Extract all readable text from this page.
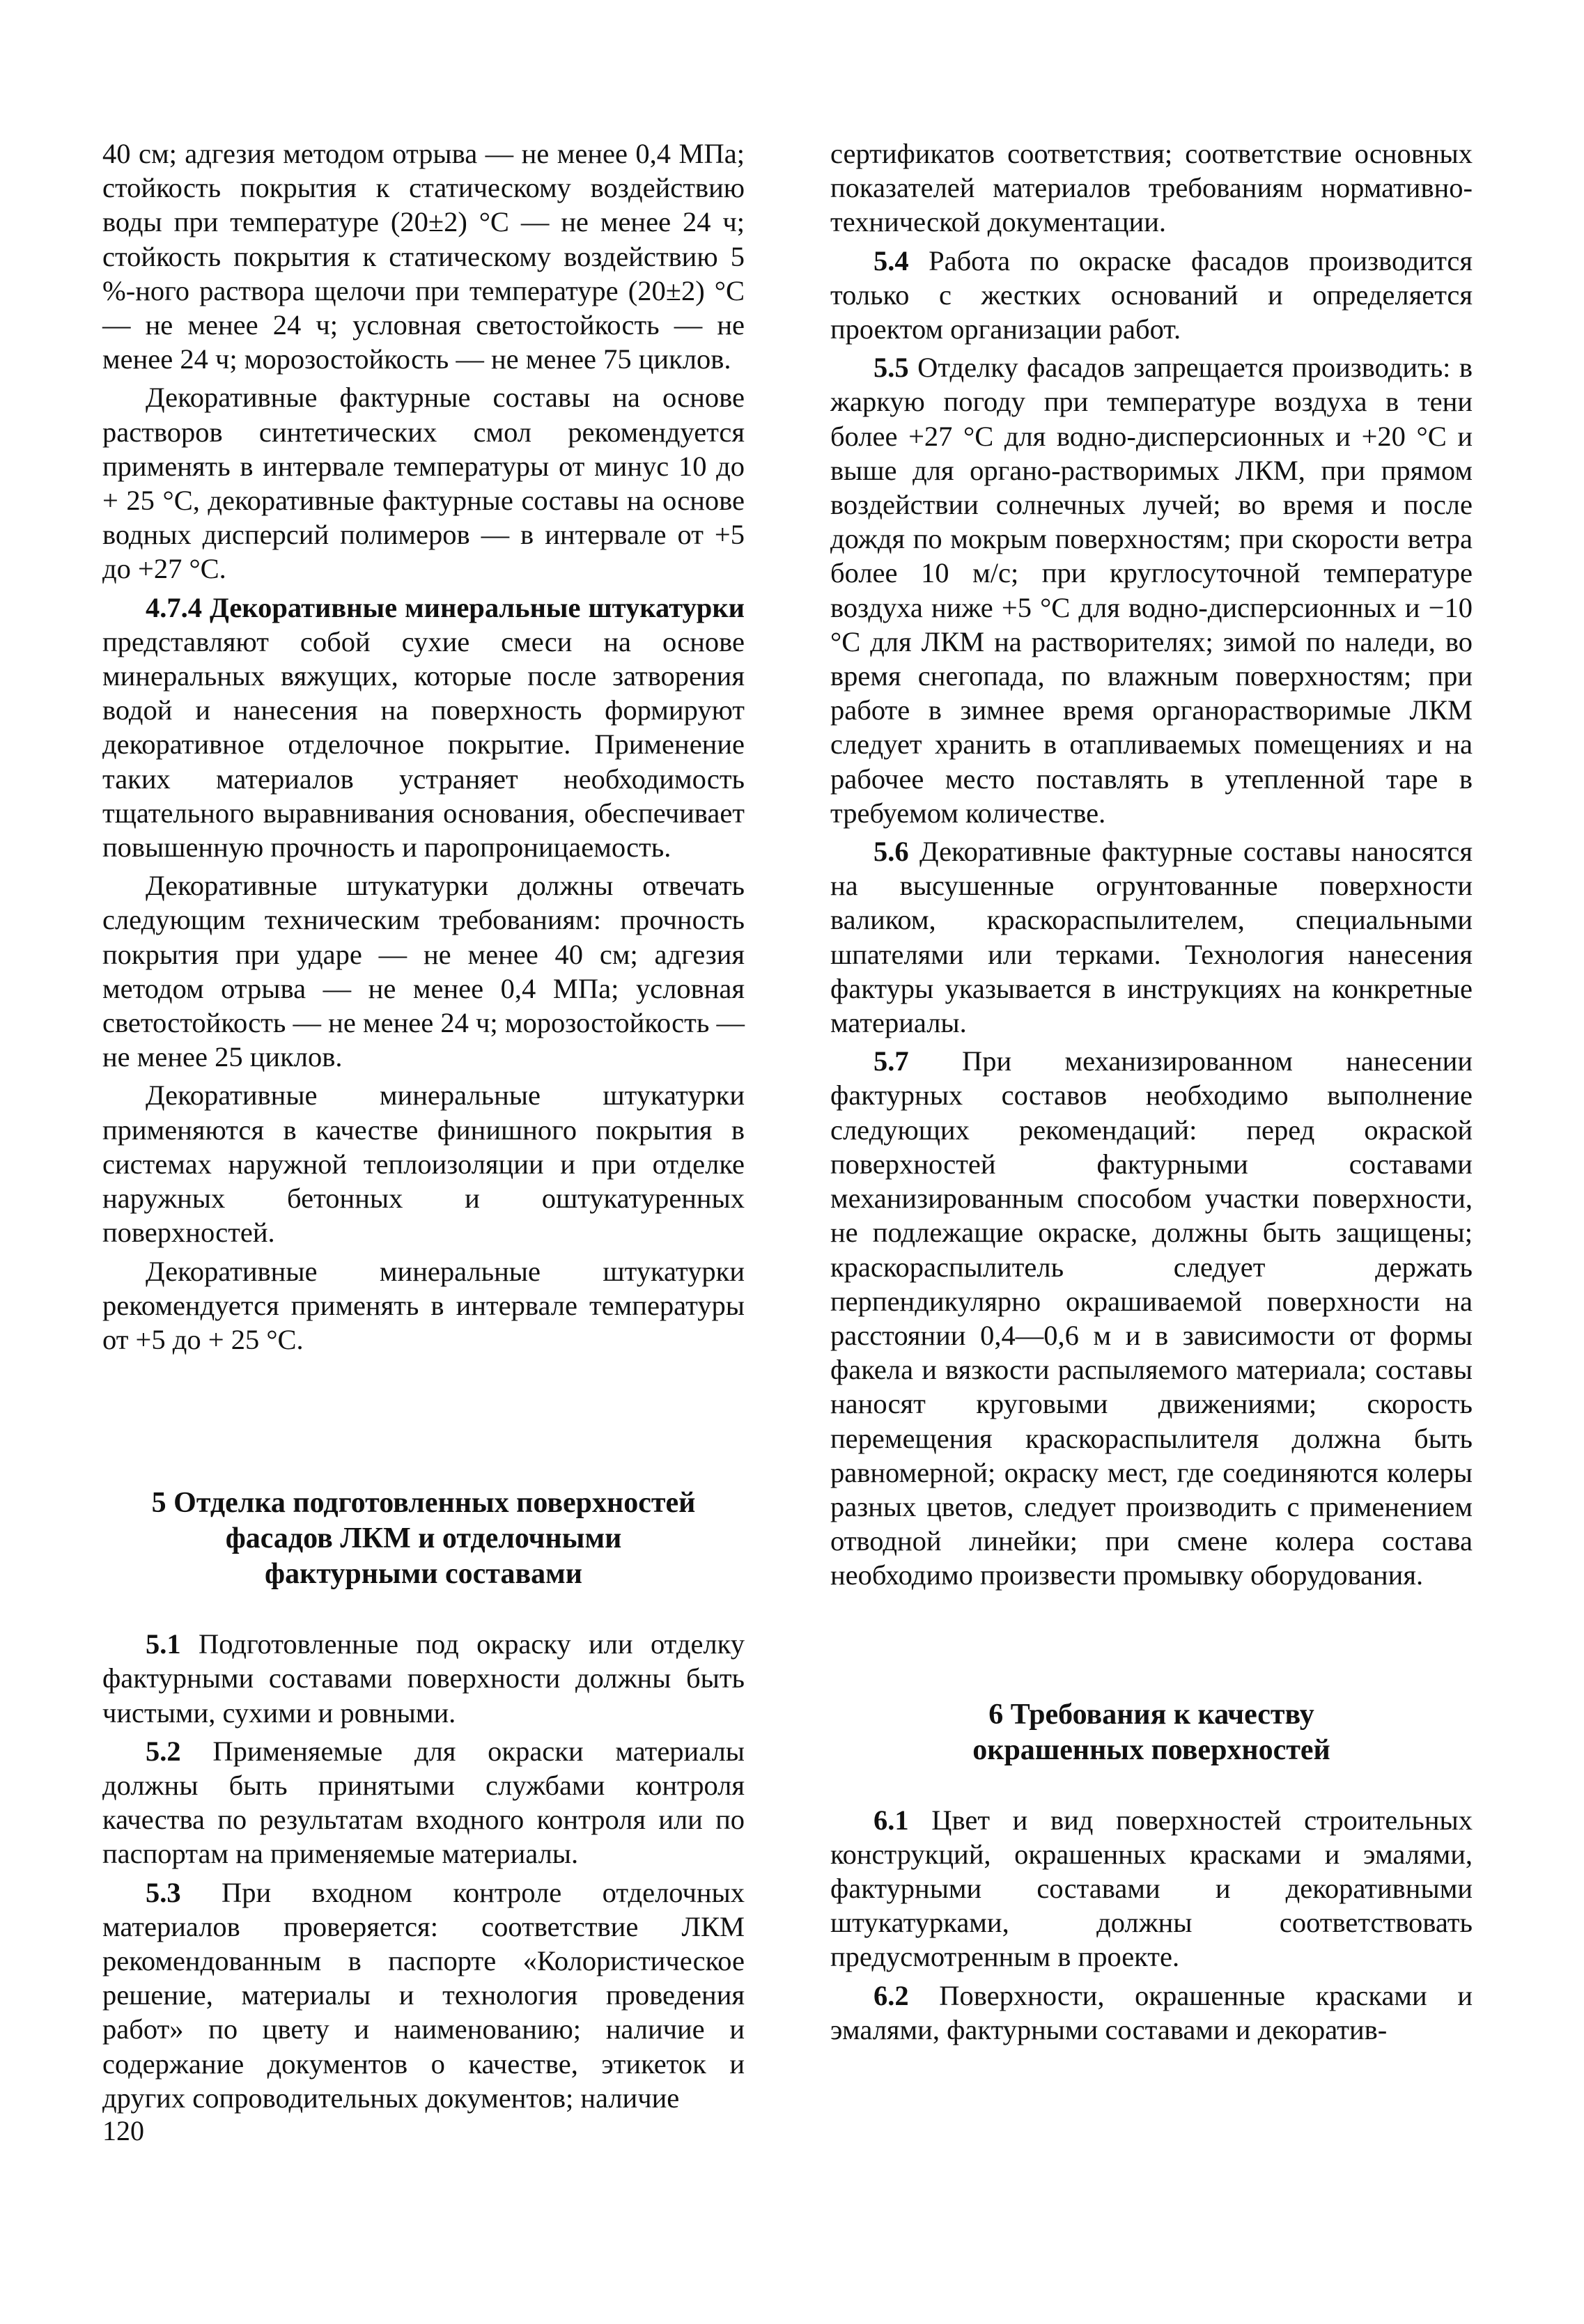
40 см; адгезия методом отрыва — не менее 0,4 МПа; стойкость покрытия к статическому воздействию воды при температуре (20±2) °С — не менее 24 ч; стойкость покрытия к статическому воздействию 5 %-ного раствора щелочи при температуре (20±2) °С — не менее 24 ч; условная светостойкость — не менее 24 ч; морозостойкость — не менее 75 циклов.

Декоративные фактурные составы на основе растворов синтетических смол рекомендуется применять в интервале температуры от минус 10 до + 25 °С, декоративные фактурные составы на основе водных дисперсий полимеров — в интервале от +5 до +27 °С.

4.7.4 Декоративные минеральные штукатурки представляют собой сухие смеси на основе минеральных вяжущих, которые после затворения водой и нанесения на поверхность формируют декоративное отделочное покрытие. Применение таких материалов устраняет необходимость тщательного выравнивания основания, обеспечивает повышенную прочность и паропроницаемость.

Декоративные штукатурки должны отвечать следующим техническим требованиям: прочность покрытия при ударе — не менее 40 см; адгезия методом отрыва — не менее 0,4 МПа; условная светостойкость — не менее 24 ч; морозостойкость — не менее 25 циклов.

Декоративные минеральные штукатурки применяются в качестве финишного покрытия в системах наружной теплоизоляции и при отделке наружных бетонных и оштукатуренных поверхностей.

Декоративные минеральные штукатурки рекомендуется применять в интервале температуры от +5 до + 25 °С.

5 Отделка подготовленных поверхностей
фасадов ЛКМ и отделочными
фактурными составами

5.1 Подготовленные под окраску или отделку фактурными составами поверхности должны быть чистыми, сухими и ровными.

5.2 Применяемые для окраски материалы должны быть принятыми службами контроля качества по результатам входного контроля или по паспортам на применяемые материалы.

5.3 При входном контроле отделочных материалов проверяется: соответствие ЛКМ рекомендованным в паспорте «Колористическое решение, материалы и технология проведения работ» по цвету и наименованию; наличие и содержание документов о качестве, этикеток и других сопроводительных документов; наличие

сертификатов соответствия; соответствие основных показателей материалов требованиям нормативно-технической документации.

5.4 Работа по окраске фасадов производится только с жестких оснований и определяется проектом организации работ.

5.5 Отделку фасадов запрещается производить: в жаркую погоду при температуре воздуха в тени более +27 °С для водно-дисперсионных и +20 °С и выше для органо-растворимых ЛКМ, при прямом воздействии солнечных лучей; во время и после дождя по мокрым поверхностям; при скорости ветра более 10 м/с; при круглосуточной температуре воздуха ниже +5 °С для водно-дисперсионных и −10 °С для ЛКМ на растворителях; зимой по наледи, во время снегопада, по влажным поверхностям; при работе в зимнее время органорастворимые ЛКМ следует хранить в отапливаемых помещениях и на рабочее место поставлять в утепленной таре в требуемом количестве.

5.6 Декоративные фактурные составы наносятся на высушенные огрунтованные поверхности валиком, краскораспылителем, специальными шпателями или терками. Технология нанесения фактуры указывается в инструкциях на конкретные материалы.

5.7 При механизированном нанесении фактурных составов необходимо выполнение следующих рекомендаций: перед окраской поверхностей фактурными составами механизированным способом участки поверхности, не подлежащие окраске, должны быть защищены; краскораспылитель следует держать перпендикулярно окрашиваемой поверхности на расстоянии 0,4—0,6 м и в зависимости от формы факела и вязкости распыляемого материала; составы наносят круговыми движениями; скорость перемещения краскораспылителя должна быть равномерной; окраску мест, где соединяются колеры разных цветов, следует производить с применением отводной линейки; при смене колера состава необходимо произвести промывку оборудования.

6 Требования к качеству
окрашенных поверхностей

6.1 Цвет и вид поверхностей строительных конструкций, окрашенных красками и эмалями, фактурными составами и декоративными штукатурками, должны соответствовать предусмотренным в проекте.

6.2 Поверхности, окрашенные красками и эмалями, фактурными составами и декоратив-

120
